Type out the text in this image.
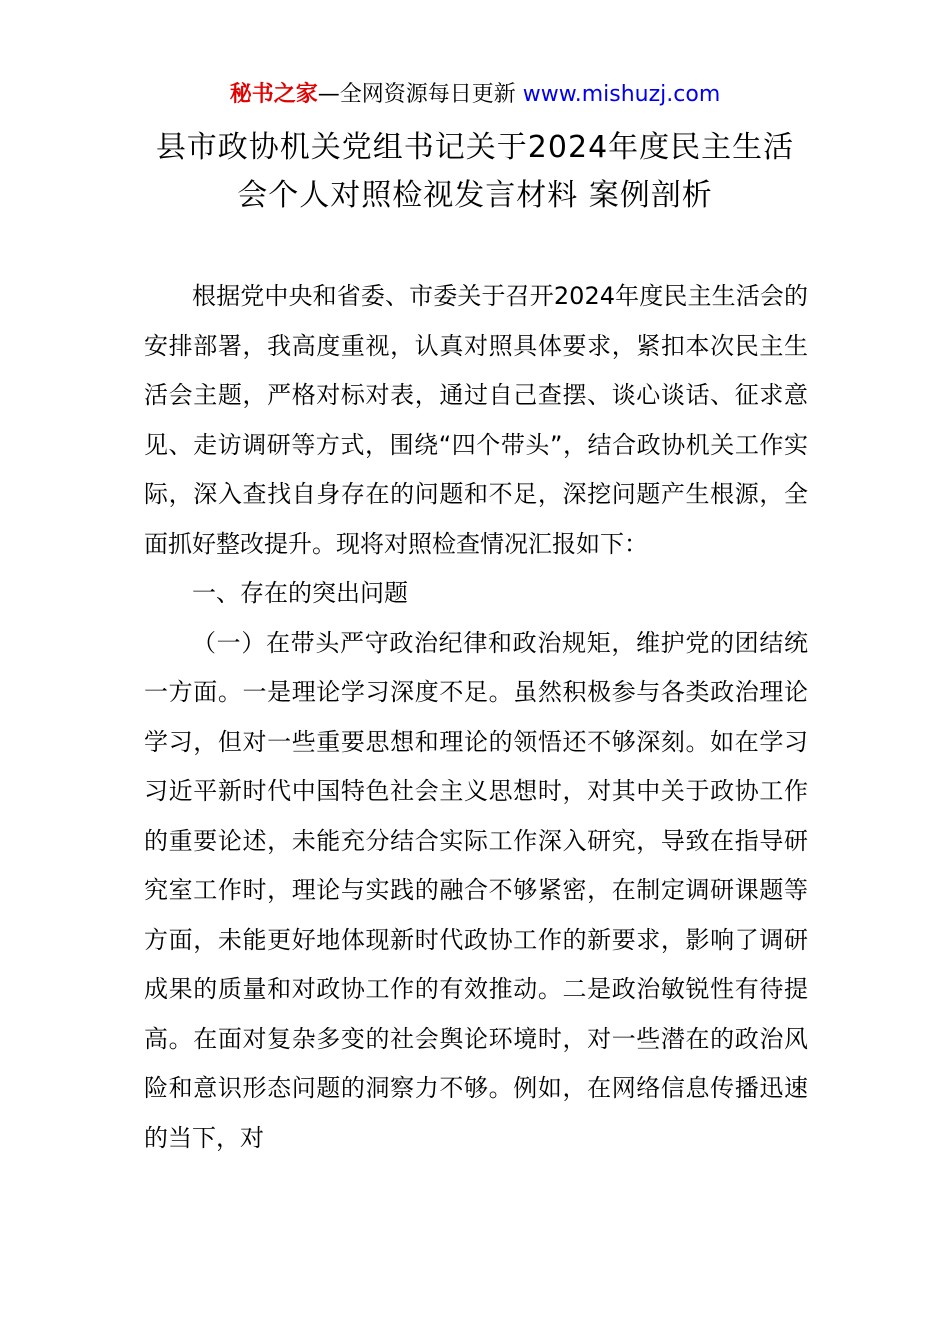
秘书之家—全网资源每日更新 www.mishuzj.com
县市政协机关党组书记关于2024年度民主生活
会个人对照检视发言材料 案例剖析

根据党中央和省委、市委关于召开2024年度民主生活会的安排部署，我高度重视，认真对照具体要求，紧扣本次民主生活会主题，严格对标对表，通过自己查摆、谈心谈话、征求意见、走访调研等方式，围绕“四个带头”，结合政协机关工作实际，深入查找自身存在的问题和不足，深挖问题产生根源，全面抓好整改提升。现将对照检查情况汇报如下：

一、存在的突出问题

（一）在带头严守政治纪律和政治规矩，维护党的团结统一方面。一是理论学习深度不足。虽然积极参与各类政治理论学习，但对一些重要思想和理论的领悟还不够深刻。如在学习习近平新时代中国特色社会主义思想时，对其中关于政协工作的重要论述，未能充分结合实际工作深入研究，导致在指导研究室工作时，理论与实践的融合不够紧密，在制定调研课题等方面，未能更好地体现新时代政协工作的新要求，影响了调研成果的质量和对政协工作的有效推动。二是政治敏锐性有待提高。在面对复杂多变的社会舆论环境时，对一些潜在的政治风险和意识形态问题的洞察力不够。例如，在网络信息传播迅速的当下，对
